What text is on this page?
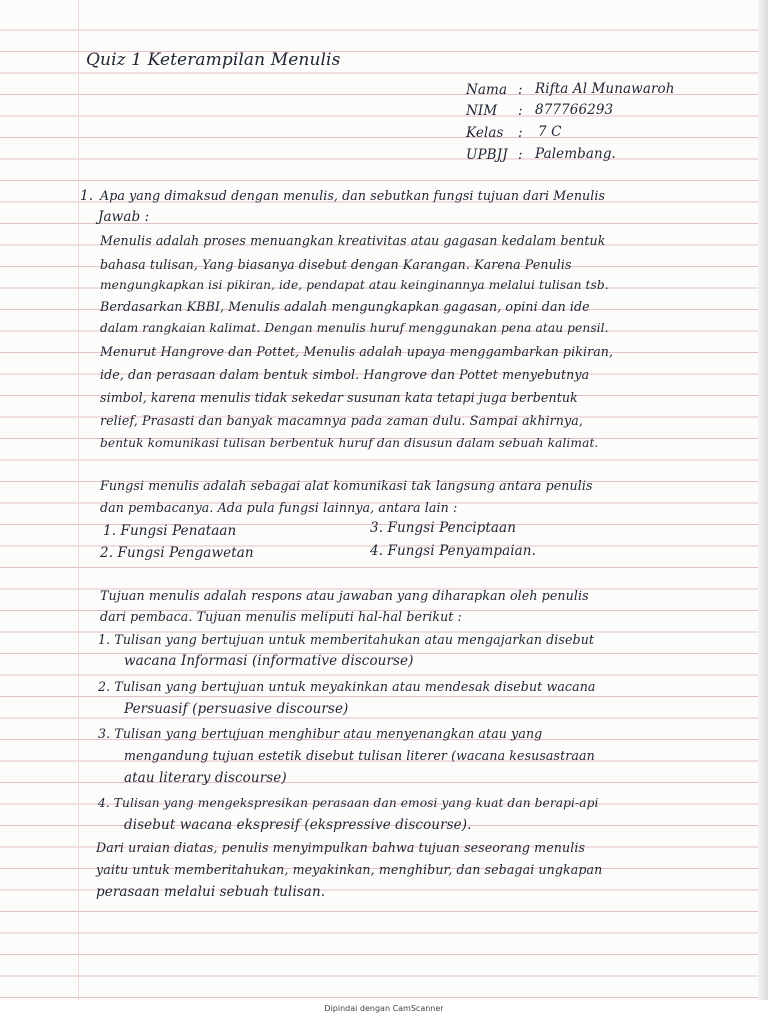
Quiz 1 Keterampilan Menulis
Nama : Rifta Al Munawaroh
NIM : 877766293
Kelas : 7 C
UPBJJ : Palembang.
1. Apa yang dimaksud dengan menulis, dan sebutkan fungsi tujuan dari Menulis
Jawab :
Menulis adalah proses menuangkan kreativitas atau gagasan kedalam bentuk
bahasa tulisan, Yang biasanya disebut dengan Karangan. Karena Penulis
mengungkapkan isi pikiran, ide, pendapat atau keinginannya melalui tulisan tsb.
Berdasarkan KBBI, Menulis adalah mengungkapkan gagasan, opini dan ide
dalam rangkaian kalimat. Dengan menulis huruf menggunakan pena atau pensil.
Menurut Hangrove dan Pottet, Menulis adalah upaya menggambarkan pikiran,
ide, dan perasaan dalam bentuk simbol. Hangrove dan Pottet menyebutnya
simbol, karena menulis tidak sekedar susunan kata tetapi juga berbentuk
relief, Prasasti dan banyak macamnya pada zaman dulu. Sampai akhirnya,
bentuk komunikasi tulisan berbentuk huruf dan disusun dalam sebuah kalimat.
Fungsi menulis adalah sebagai alat komunikasi tak langsung antara penulis
dan pembacanya. Ada pula fungsi lainnya, antara lain :
1. Fungsi Penataan	3. Fungsi Penciptaan
2. Fungsi Pengawetan	4. Fungsi Penyampaian.
Tujuan menulis adalah respons atau jawaban yang diharapkan oleh penulis
dari pembaca. Tujuan menulis meliputi hal-hal berikut :
1. Tulisan yang bertujuan untuk memberitahukan atau mengajarkan disebut
wacana Informasi (informative discourse)
2. Tulisan yang bertujuan untuk meyakinkan atau mendesak disebut wacana
Persuasif (persuasive discourse)
3. Tulisan yang bertujuan menghibur atau menyenangkan atau yang
mengandung tujuan estetik disebut tulisan literer (wacana kesusastraan
atau literary discourse)
4. Tulisan yang mengekspresikan perasaan dan emosi yang kuat dan berapi-api
disebut wacana ekspresif (ekspressive discourse).
Dari uraian diatas, penulis menyimpulkan bahwa tujuan seseorang menulis
yaitu untuk memberitahukan, meyakinkan, menghibur, dan sebagai ungkapan
perasaan melalui sebuah tulisan.
Dipindai dengan CamScanner
